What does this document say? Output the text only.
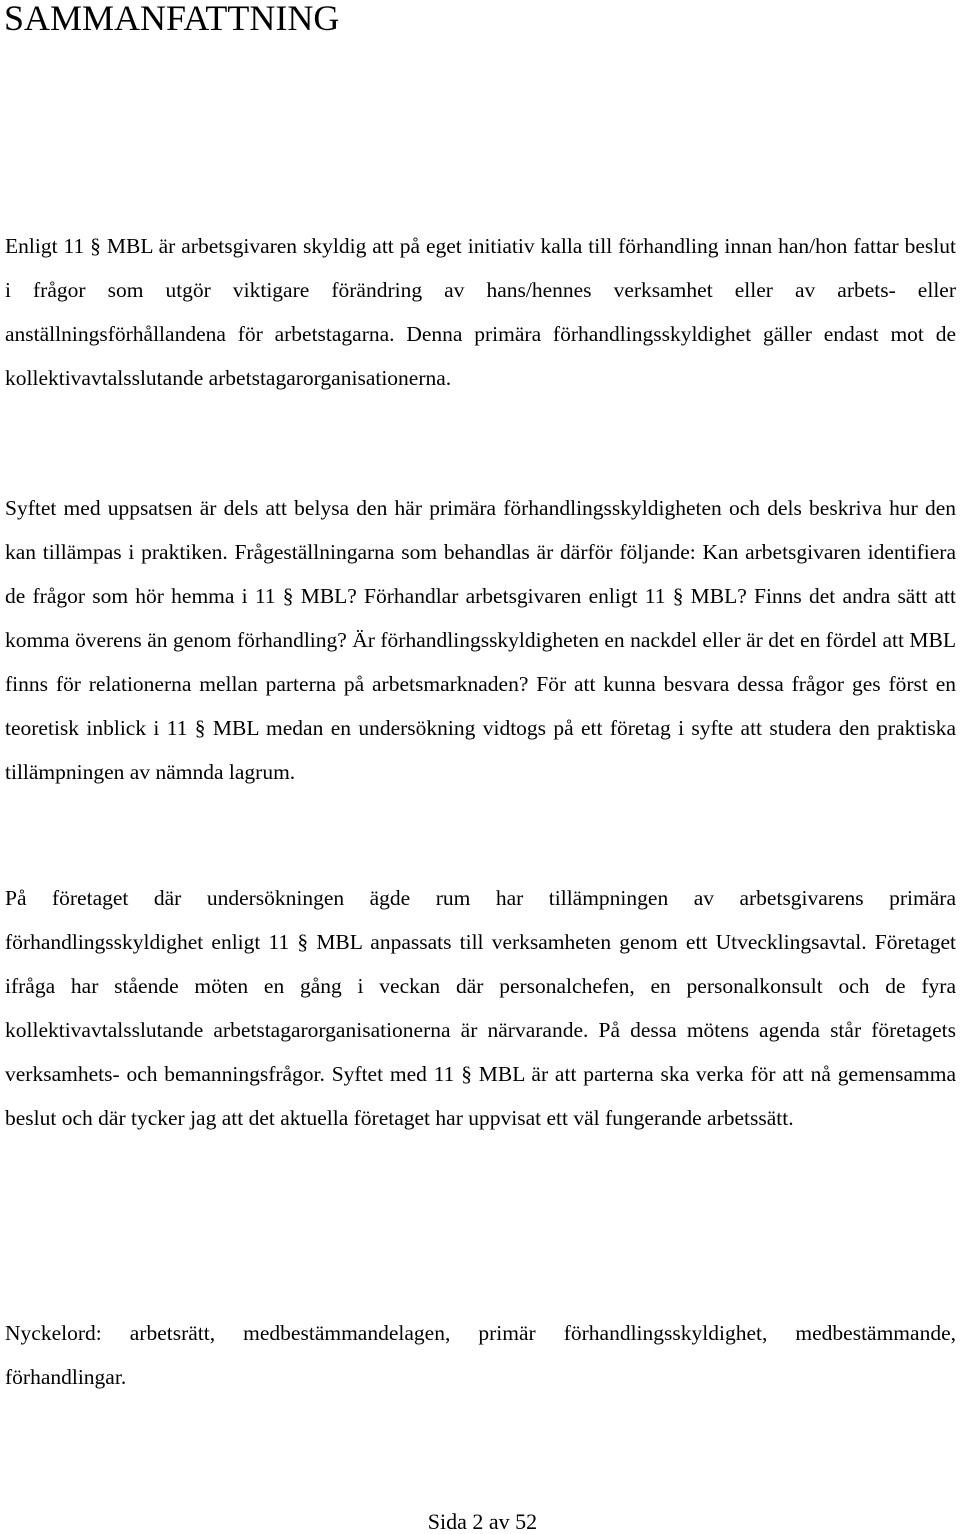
SAMMANFATTNING

Enligt 11 § MBL är arbetsgivaren skyldig att på eget initiativ kalla till förhandling innan han/hon fattar beslut i frågor som utgör viktigare förändring av hans/hennes verksamhet eller av arbets- eller anställningsförhållandena för arbetstagarna. Denna primära förhandlingsskyldighet gäller endast mot de kollektivavtalsslutande arbetstagarorganisationerna.

Syftet med uppsatsen är dels att belysa den här primära förhandlingsskyldigheten och dels beskriva hur den kan tillämpas i praktiken. Frågeställningarna som behandlas är därför följande: Kan arbetsgivaren identifiera de frågor som hör hemma i 11 § MBL? Förhandlar arbetsgivaren enligt 11 § MBL? Finns det andra sätt att komma överens än genom förhandling? Är förhandlingsskyldigheten en nackdel eller är det en fördel att MBL finns för relationerna mellan parterna på arbetsmarknaden? För att kunna besvara dessa frågor ges först en teoretisk inblick i 11 § MBL medan en undersökning vidtogs på ett företag i syfte att studera den praktiska tillämpningen av nämnda lagrum.

På företaget där undersökningen ägde rum har tillämpningen av arbetsgivarens primära förhandlingsskyldighet enligt 11 § MBL anpassats till verksamheten genom ett Utvecklingsavtal. Företaget ifråga har stående möten en gång i veckan där personalchefen, en personalkonsult och de fyra kollektivavtalsslutande arbetstagarorganisationerna är närvarande. På dessa mötens agenda står företagets verksamhets- och bemanningsfrågor. Syftet med 11 § MBL är att parterna ska verka för att nå gemensamma beslut och där tycker jag att det aktuella företaget har uppvisat ett väl fungerande arbetssätt.

Nyckelord: arbetsrätt, medbestämmandelagen, primär förhandlingsskyldighet, medbestämmande, förhandlingar.

Sida 2 av 52
